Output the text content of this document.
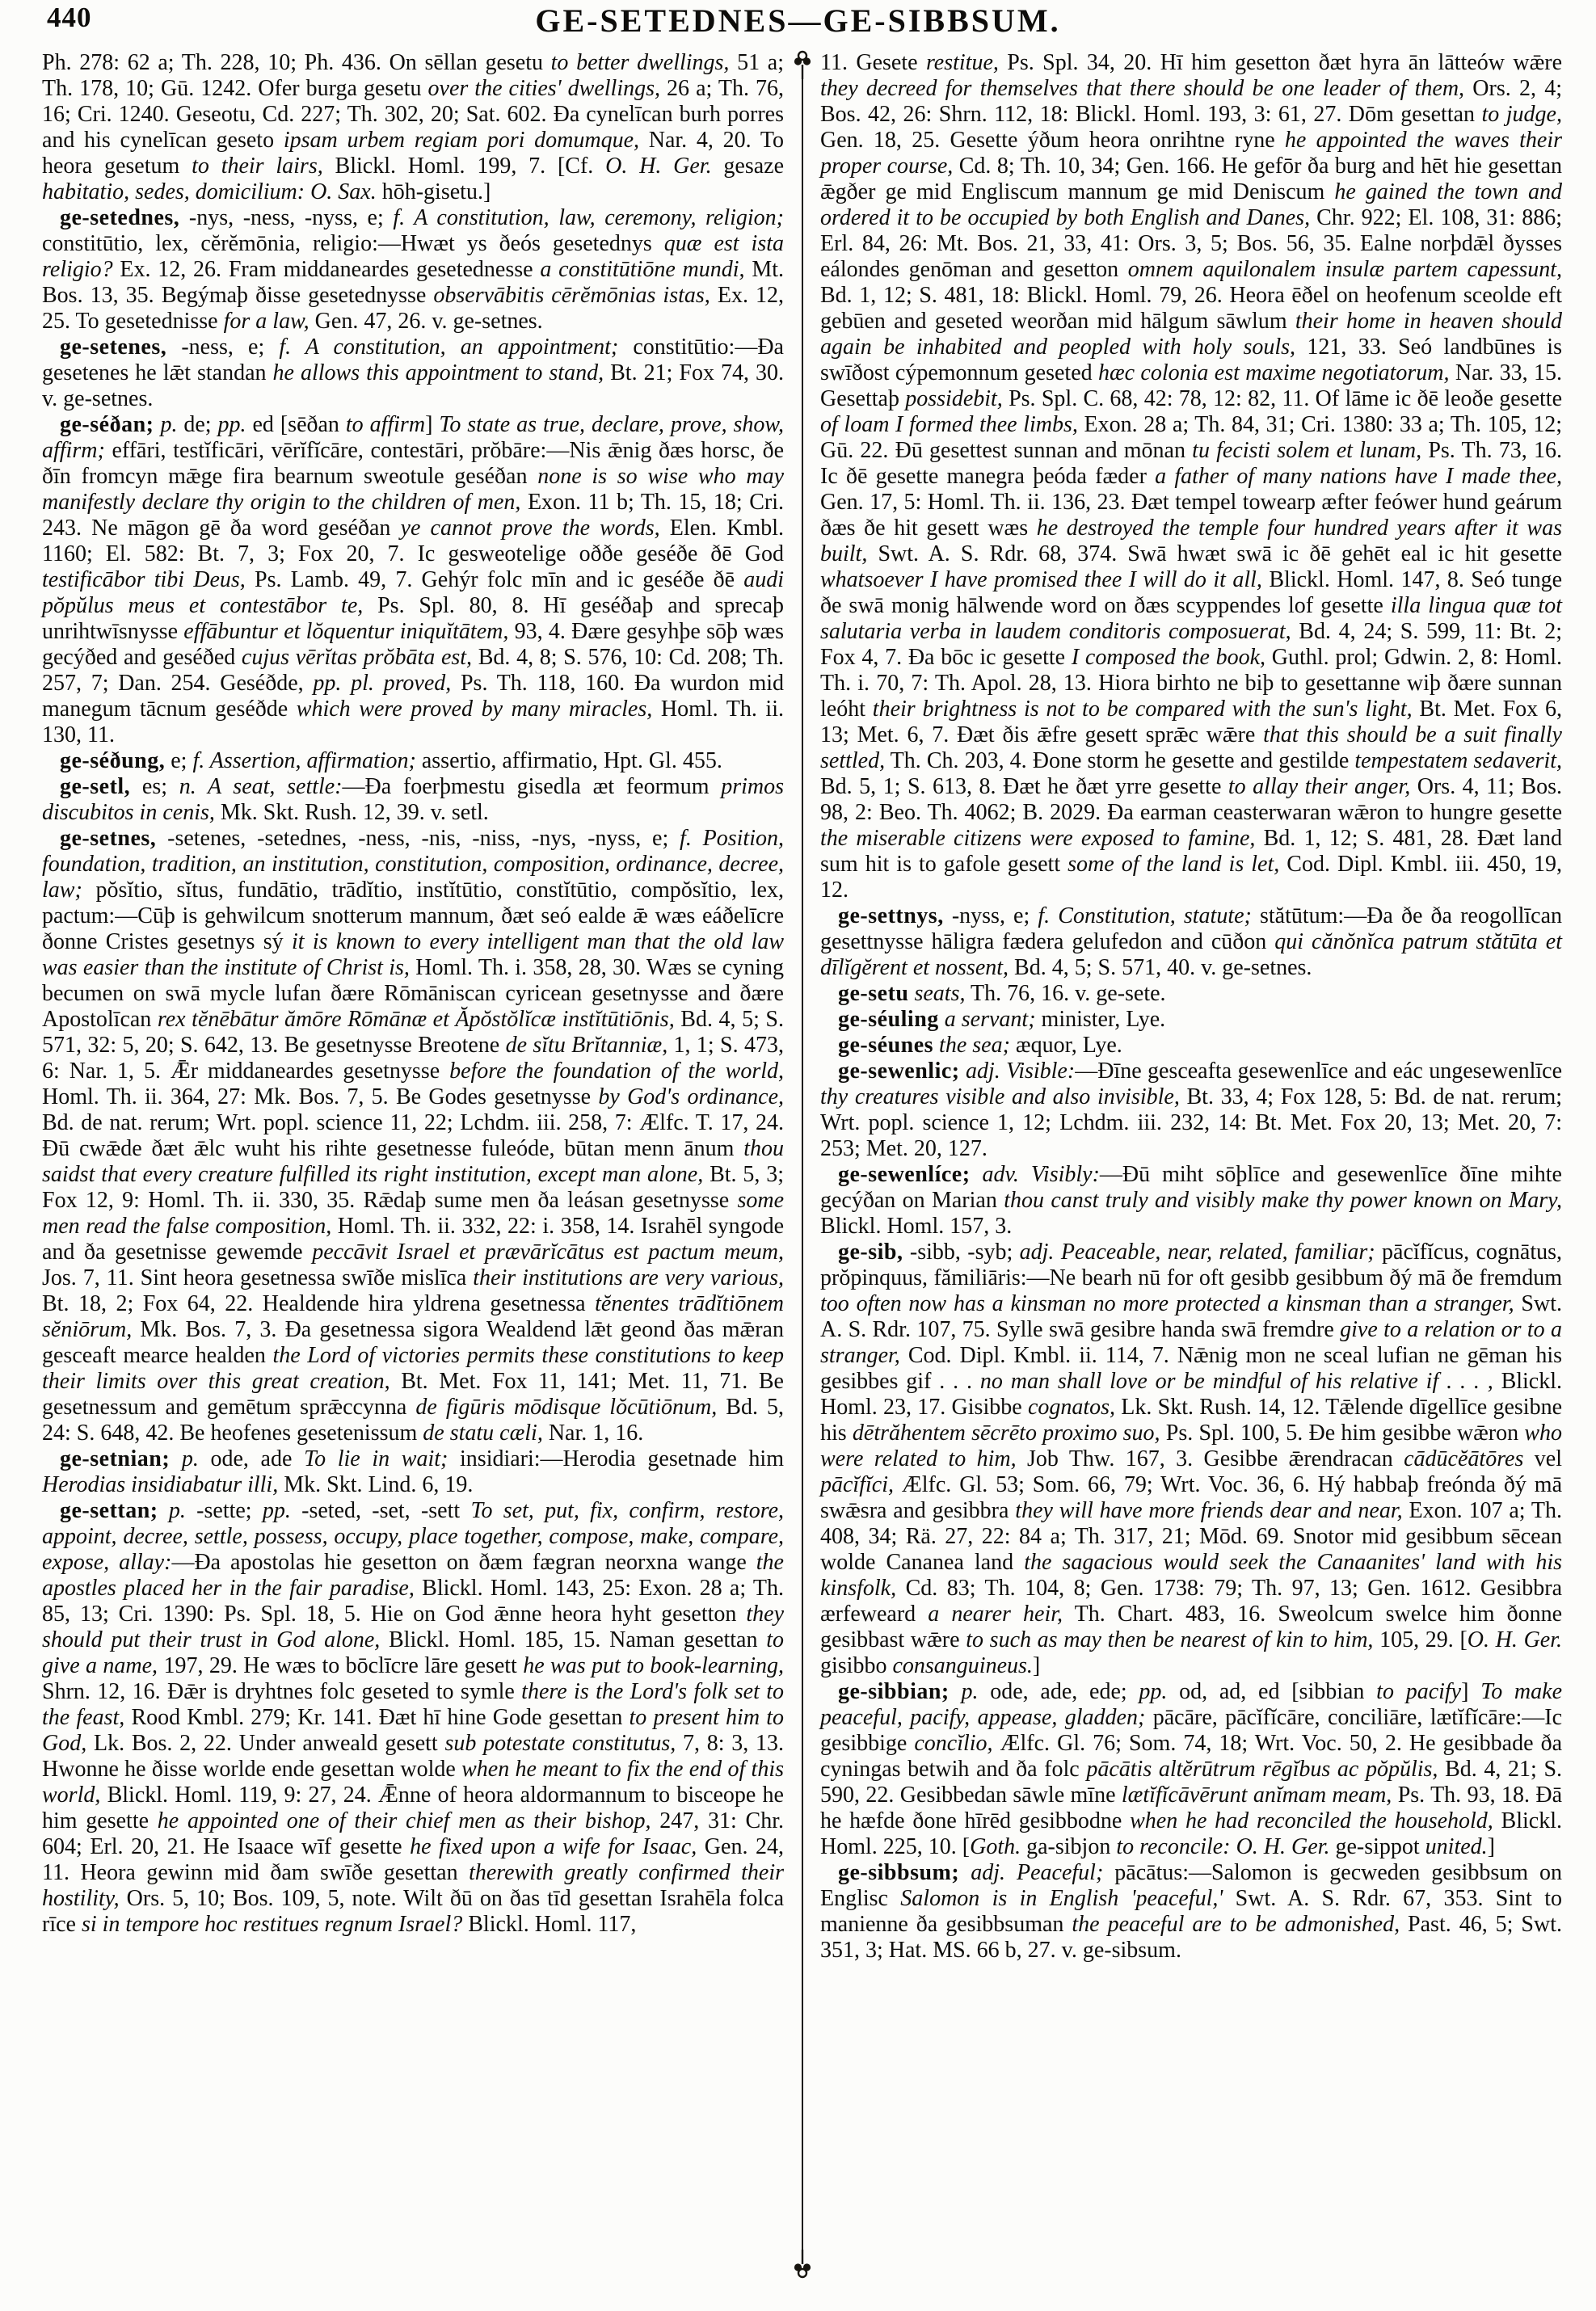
440	GE-SETEDNES—GE-SIBBSUM.

Ph. 278: 62 a; Th. 228, 10; Ph. 436. On sēllan gesetu to better dwellings, 51 a; Th. 178, 10; Gū. 1242. Ofer burga gesetu over the cities' dwellings, 26 a; Th. 76, 16; Cri. 1240. Geseotu, Cd. 227; Th. 302, 20; Sat. 602. Ða cynelīcan burh porres and his cynelīcan geseto ipsam urbem regiam pori domumque, Nar. 4, 20. To heora gesetum to their lairs, Blickl. Homl. 199, 7. [Cf. O. H. Ger. gesaze habitatio, sedes, domicilium: O. Sax. hōh-gisetu.]

ge-setednes, -nys, -ness, -nyss, e; f. A constitution, law, ceremony, religion; constitūtio, lex, cĕrĕmōnia, religio:—Hwæt ys ðeós gesetednys quæ est ista religio? Ex. 12, 26. Fram middaneardes gesetednesse a constitūtiōne mundi, Mt. Bos. 13, 35. Begýmaþ ðisse gesetednysse observābitis cērĕmōnias istas, Ex. 12, 25. To gesetednisse for a law, Gen. 47, 26. v. ge-setnes.

ge-setenes, -ness, e; f. A constitution, an appointment; constitūtio:—Ða gesetenes he lǣt standan he allows this appointment to stand, Bt. 21; Fox 74, 30. v. ge-setnes.

ge-séðan; p. de; pp. ed [sēðan to affirm] To state as true, declare, prove, show, affirm; effāri, testĭficāri, vērĭfĭcāre, contestāri, prŏbāre:—Nis ǣnig ðæs horsc, ðe ðīn fromcyn mǣge fira bearnum sweotule geséðan none is so wise who may manifestly declare thy origin to the children of men, Exon. 11 b; Th. 15, 18; Cri. 243. Ne māgon gē ða word geséðan ye cannot prove the words, Elen. Kmbl. 1160; El. 582: Bt. 7, 3; Fox 20, 7. Ic gesweotelige oððe geséðe ðē God testificābor tibi Deus, Ps. Lamb. 49, 7. Gehýr folc mīn and ic geséðe ðē audi pŏpŭlus meus et contestābor te, Ps. Spl. 80, 8. Hī geséðaþ and sprecaþ unrihtwīsnysse effābuntur et lŏquentur iniquĭtātem, 93, 4. Ðære gesyhþe sōþ wæs gecýðed and geséðed cujus vērĭtas prŏbāta est, Bd. 4, 8; S. 576, 10: Cd. 208; Th. 257, 7; Dan. 254. Geséðde, pp. pl. proved, Ps. Th. 118, 160. Ða wurdon mid manegum tācnum geséðde which were proved by many miracles, Homl. Th. ii. 130, 11.

ge-séðung, e; f. Assertion, affirmation; assertio, affirmatio, Hpt. Gl. 455.

ge-setl, es; n. A seat, settle:—Ða foerþmestu gisedla æt feormum primos discubitos in cenis, Mk. Skt. Rush. 12, 39. v. setl.

ge-setnes, -setenes, -setednes, -ness, -nis, -niss, -nys, -nyss, e; f. Position, foundation, tradition, an institution, constitution, composition, ordinance, decree, law; pŏsĭtio, sĭtus, fundātio, trādĭtio, instĭtūtio, constĭtūtio, compŏsĭtio, lex, pactum:—Cūþ is gehwilcum snotterum mannum, ðæt seó ealde ǣ wæs eáðelīcre ðonne Cristes gesetnys sý it is known to every intelligent man that the old law was easier than the institute of Christ is, Homl. Th. i. 358, 28, 30. Wæs se cyning becumen on swā mycle lufan ðære Rōmāniscan cyricean gesetnysse and ðære Apostolīcan rex tĕnēbātur ămōre Rōmānæ et Ăpŏstŏlĭcæ instĭtūtiōnis, Bd. 4, 5; S. 571, 32: 5, 20; S. 642, 13. Be gesetnysse Breotene de sĭtu Brĭtanniæ, 1, 1; S. 473, 6: Nar. 1, 5. Ǣr middaneardes gesetnysse before the foundation of the world, Homl. Th. ii. 364, 27: Mk. Bos. 7, 5. Be Godes gesetnysse by God's ordinance, Bd. de nat. rerum; Wrt. popl. science 11, 22; Lchdm. iii. 258, 7: Ælfc. T. 17, 24. Ðū cwǣde ðæt ǣlc wuht his rihte gesetnesse fuleóde, būtan menn ānum thou saidst that every creature fulfilled its right institution, except man alone, Bt. 5, 3; Fox 12, 9: Homl. Th. ii. 330, 35. Rǣdaþ sume men ða leásan gesetnysse some men read the false composition, Homl. Th. ii. 332, 22: i. 358, 14. Israhēl syngode and ða gesetnisse gewemde peccāvit Israel et prævārĭcātus est pactum meum, Jos. 7, 11. Sint heora gesetnessa swīðe mislīca their institutions are very various, Bt. 18, 2; Fox 64, 22. Healdende hira yldrena gesetnessa tĕnentes trādĭtiōnem sĕniōrum, Mk. Bos. 7, 3. Ða gesetnessa sigora Wealdend lǣt geond ðas mǣran gesceaft mearce healden the Lord of victories permits these constitutions to keep their limits over this great creation, Bt. Met. Fox 11, 141; Met. 11, 71. Be gesetnessum and gemētum sprǣccynna de figūris mōdisque lŏcūtiōnum, Bd. 5, 24: S. 648, 42. Be heofenes gesetenissum de statu cæli, Nar. 1, 16.

ge-setnian; p. ode, ade To lie in wait; insidiari:—Herodia gesetnade him Herodias insidiabatur illi, Mk. Skt. Lind. 6, 19.

ge-settan; p. -sette; pp. -seted, -set, -sett To set, put, fix, confirm, restore, appoint, decree, settle, possess, occupy, place together, compose, make, compare, expose, allay:—Ða apostolas hie gesetton on ðæm fægran neorxna wange the apostles placed her in the fair paradise, Blickl. Homl. 143, 25: Exon. 28 a; Th. 85, 13; Cri. 1390: Ps. Spl. 18, 5. Hie on God ǣnne heora hyht gesetton they should put their trust in God alone, Blickl. Homl. 185, 15. Naman gesettan to give a name, 197, 29. He wæs to bōclīcre lāre gesett he was put to book-learning, Shrn. 12, 16. Ðǣr is dryhtnes folc geseted to symle there is the Lord's folk set to the feast, Rood Kmbl. 279; Kr. 141. Ðæt hī hine Gode gesettan to present him to God, Lk. Bos. 2, 22. Under anweald gesett sub potestate constitutus, 7, 8: 3, 13. Hwonne he ðisse worlde ende gesettan wolde when he meant to fix the end of this world, Blickl. Homl. 119, 9: 27, 24. Ǣnne of heora aldormannum to bisceope he him gesette he appointed one of their chief men as their bishop, 247, 31: Chr. 604; Erl. 20, 21. He Isaace wīf gesette he fixed upon a wife for Isaac, Gen. 24, 11. Heora gewinn mid ðam swīðe gesettan therewith greatly confirmed their hostility, Ors. 5, 10; Bos. 109, 5, note. Wilt ðū on ðas tīd gesettan Israhēla folca rīce si in tempore hoc restitues regnum Israel? Blickl. Homl. 117,

11. Gesete restitue, Ps. Spl. 34, 20. Hī him gesetton ðæt hyra ān lātteów wǣre they decreed for themselves that there should be one leader of them, Ors. 2, 4; Bos. 42, 26: Shrn. 112, 18: Blickl. Homl. 193, 3: 61, 27. Dōm gesettan to judge, Gen. 18, 25. Gesette ýðum heora onrihtne ryne he appointed the waves their proper course, Cd. 8; Th. 10, 34; Gen. 166. He gefōr ða burg and hēt hie gesettan ǣgðer ge mid Engliscum mannum ge mid Deniscum he gained the town and ordered it to be occupied by both English and Danes, Chr. 922; El. 108, 31: 886; Erl. 84, 26: Mt. Bos. 21, 33, 41: Ors. 3, 5; Bos. 56, 35. Ealne norþdǣl ðysses eálondes genōman and gesetton omnem aquilonalem insulæ partem capessunt, Bd. 1, 12; S. 481, 18: Blickl. Homl. 79, 26. Heora ēðel on heofenum sceolde eft gebūen and geseted weorðan mid hālgum sāwlum their home in heaven should again be inhabited and peopled with holy souls, 121, 33. Seó landbūnes is swīðost cýpemonnum geseted hæc colonia est maxime negotiatorum, Nar. 33, 15. Gesettaþ possidebit, Ps. Spl. C. 68, 42: 78, 12: 82, 11. Of lāme ic ðē leoðe gesette of loam I formed thee limbs, Exon. 28 a; Th. 84, 31; Cri. 1380: 33 a; Th. 105, 12; Gū. 22. Ðū gesettest sunnan and mōnan tu fecisti solem et lunam, Ps. Th. 73, 16. Ic ðē gesette manegra þeóda fæder a father of many nations have I made thee, Gen. 17, 5: Homl. Th. ii. 136, 23. Ðæt tempel towearp æfter feówer hund geárum ðæs ðe hit gesett wæs he destroyed the temple four hundred years after it was built, Swt. A. S. Rdr. 68, 374. Swā hwæt swā ic ðē gehēt eal ic hit gesette whatsoever I have promised thee I will do it all, Blickl. Homl. 147, 8. Seó tunge ðe swā monig hālwende word on ðæs scyppendes lof gesette illa lingua quæ tot salutaria verba in laudem conditoris composuerat, Bd. 4, 24; S. 599, 11: Bt. 2; Fox 4, 7. Ða bōc ic gesette I composed the book, Guthl. prol; Gdwin. 2, 8: Homl. Th. i. 70, 7: Th. Apol. 28, 13. Hiora birhto ne biþ to gesettanne wiþ ðære sunnan leóht their brightness is not to be compared with the sun's light, Bt. Met. Fox 6, 13; Met. 6, 7. Ðæt ðis ǣfre gesett sprǣc wǣre that this should be a suit finally settled, Th. Ch. 203, 4. Ðone storm he gesette and gestilde tempestatem sedaverit, Bd. 5, 1; S. 613, 8. Ðæt he ðæt yrre gesette to allay their anger, Ors. 4, 11; Bos. 98, 2: Beo. Th. 4062; B. 2029. Ða earman ceasterwaran wǣron to hungre gesette the miserable citizens were exposed to famine, Bd. 1, 12; S. 481, 28. Ðæt land sum hit is to gafole gesett some of the land is let, Cod. Dipl. Kmbl. iii. 450, 19, 12.

ge-settnys, -nyss, e; f. Constitution, statute; stătūtum:—Ða ðe ða reogollīcan gesettnysse hāligra fædera gelufedon and cūðon qui cănŏnĭca patrum stătūta et dīlĭgĕrent et nossent, Bd. 4, 5; S. 571, 40. v. ge-setnes.

ge-setu seats, Th. 76, 16. v. ge-sete.

ge-séuling a servant; minister, Lye.

ge-séunes the sea; æquor, Lye.

ge-sewenlic; adj. Visible:—Ðīne gesceafta gesewenlīce and eác ungesewenlīce thy creatures visible and also invisible, Bt. 33, 4; Fox 128, 5: Bd. de nat. rerum; Wrt. popl. science 1, 12; Lchdm. iii. 232, 14: Bt. Met. Fox 20, 13; Met. 20, 7: 253; Met. 20, 127.

ge-sewenlíce; adv. Visibly:—Ðū miht sōþlīce and gesewenlīce ðīne mihte gecýðan on Marian thou canst truly and visibly make thy power known on Mary, Blickl. Homl. 157, 3.

ge-sib, -sibb, -syb; adj. Peaceable, near, related, familiar; pācĭfĭcus, cognātus, prŏpinquus, fămiliāris:—Ne bearh nū for oft gesibb gesibbum ðý mā ðe fremdum too often now has a kinsman no more protected a kinsman than a stranger, Swt. A. S. Rdr. 107, 75. Sylle swā gesibre handa swā fremdre give to a relation or to a stranger, Cod. Dipl. Kmbl. ii. 114, 7. Nǣnig mon ne sceal lufian ne gēman his gesibbes gif . . . no man shall love or be mindful of his relative if . . . , Blickl. Homl. 23, 17. Gisibbe cognatos, Lk. Skt. Rush. 14, 12. Tǣlende dīgellīce gesibne his dētrăhentem sēcrēto proximo suo, Ps. Spl. 100, 5. Ðe him gesibbe wǣron who were related to him, Job Thw. 167, 3. Gesibbe ǣrendracan cādūcĕātōres vel pācĭfĭci, Ælfc. Gl. 53; Som. 66, 79; Wrt. Voc. 36, 6. Hý habbaþ freónda ðý mā swǣsra and gesibbra they will have more friends dear and near, Exon. 107 a; Th. 408, 34; Rä. 27, 22: 84 a; Th. 317, 21; Mōd. 69. Snotor mid gesibbum sēcean wolde Cananea land the sagacious would seek the Canaanites' land with his kinsfolk, Cd. 83; Th. 104, 8; Gen. 1738: 79; Th. 97, 13; Gen. 1612. Gesibbra ærfeweard a nearer heir, Th. Chart. 483, 16. Sweolcum swelce him ðonne gesibbast wǣre to such as may then be nearest of kin to him, 105, 29. [O. H. Ger. gisibbo consanguineus.]

ge-sibbian; p. ode, ade, ede; pp. od, ad, ed [sibbian to pacify] To make peaceful, pacify, appease, gladden; pācāre, pācĭfĭcāre, conciliāre, lætĭfĭcāre:—Ic gesibbige concĭlio, Ælfc. Gl. 76; Som. 74, 18; Wrt. Voc. 50, 2. He gesibbade ða cyningas betwih and ða folc pācātis altĕrūtrum rēgĭbus ac pŏpŭlis, Bd. 4, 21; S. 590, 22. Gesibbedan sāwle mīne lætĭfĭcāvērunt anĭmam meam, Ps. Th. 93, 18. Ðā he hæfde ðone hīrēd gesibbodne when he had reconciled the household, Blickl. Homl. 225, 10. [Goth. ga-sibjon to reconcile: O. H. Ger. ge-sippot united.]

ge-sibbsum; adj. Peaceful; pācātus:—Salomon is gecweden gesibbsum on Englisc Salomon is in English 'peaceful,' Swt. A. S. Rdr. 67, 353. Sint to manienne ða gesibbsuman the peaceful are to be admonished, Past. 46, 5; Swt. 351, 3; Hat. MS. 66 b, 27. v. ge-sibsum.
